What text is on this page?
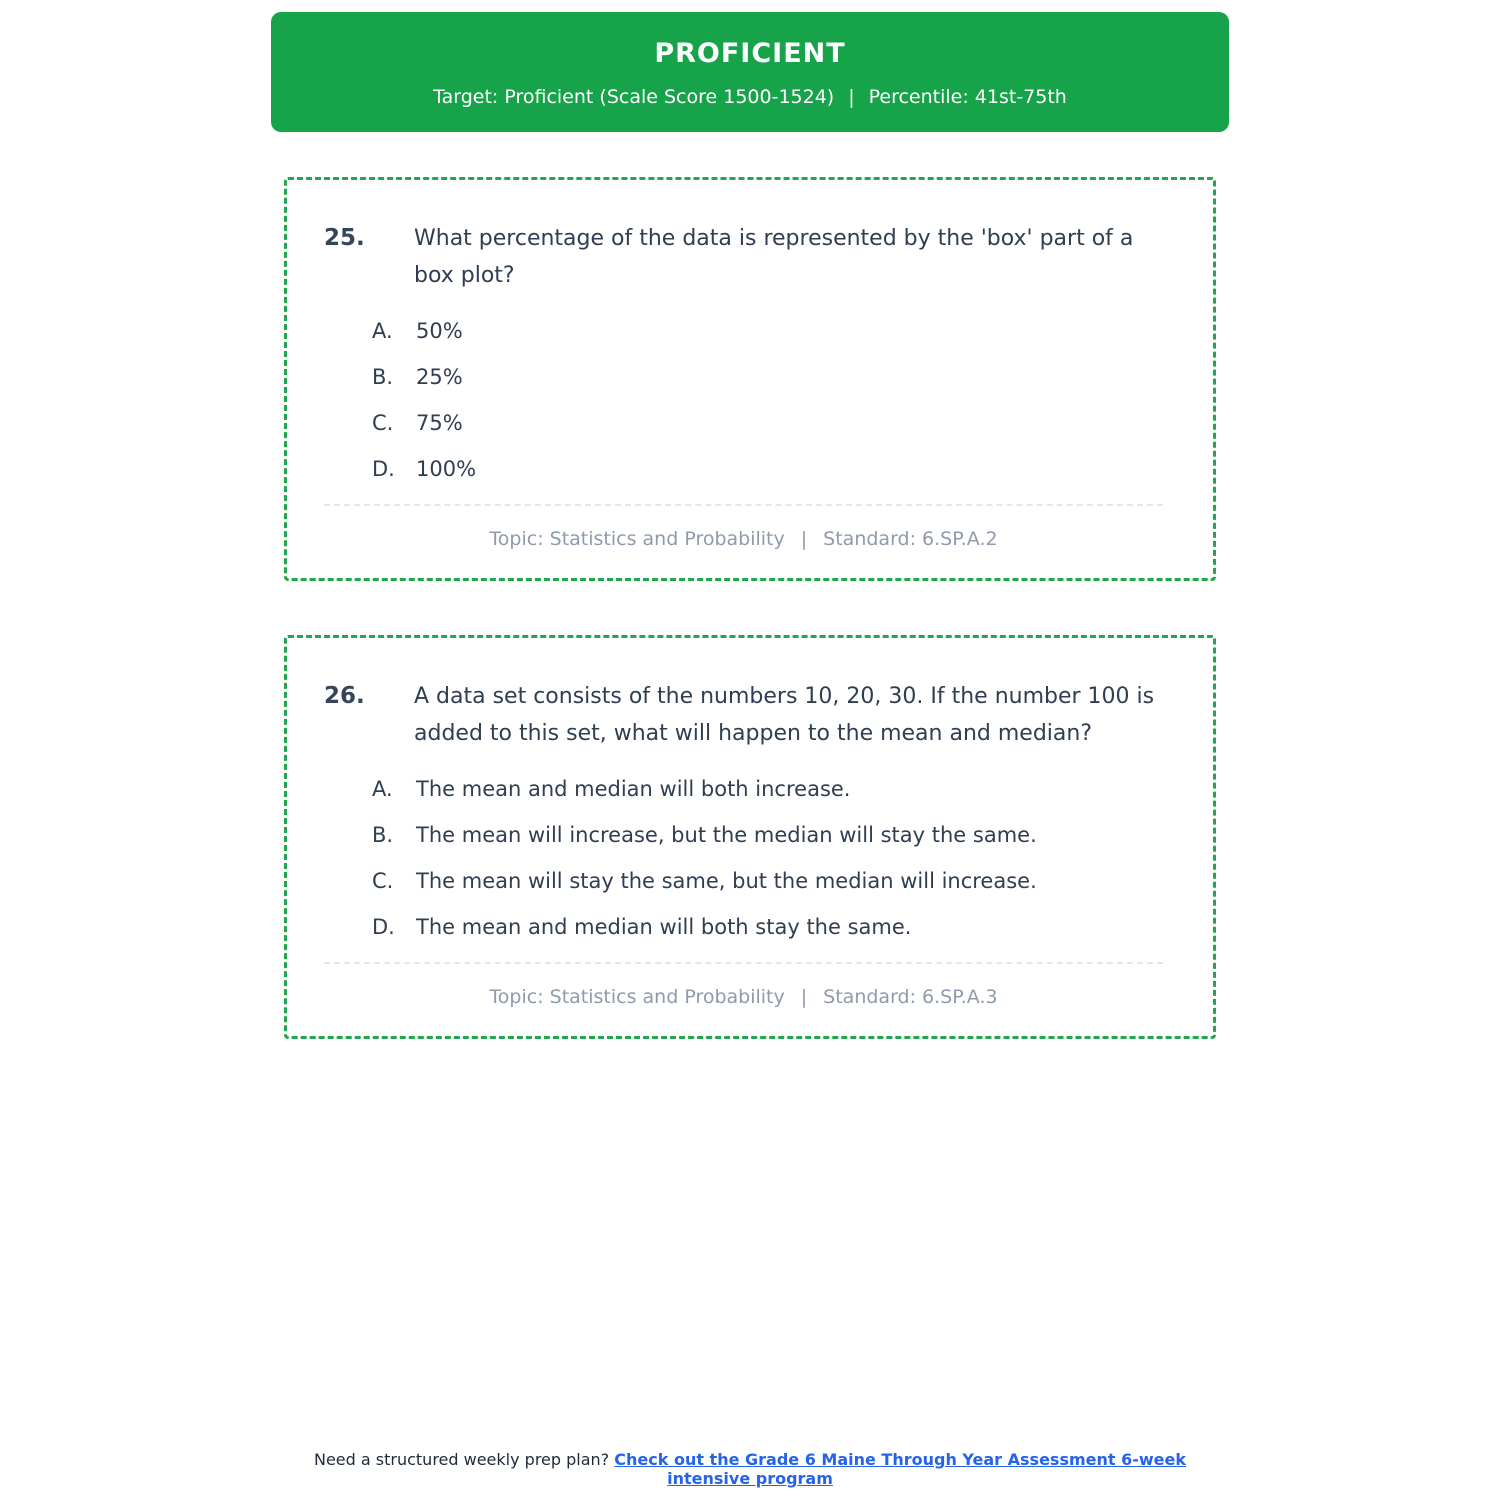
PROFICIENT
Target: Proficient (Scale Score 1500-1524) | Percentile: 41st-75th
25.	What percentage of the data is represented by the 'box' part of a box plot?

A.	50%
B.	25%
C.	75%
D.	100%
Topic: Statistics and Probability | Standard: 6.SP.A.2
26.	A data set consists of the numbers 10, 20, 30. If the number 100 is added to this set, what will happen to the mean and median?

A.	The mean and median will both increase.
B.	The mean will increase, but the median will stay the same.
C.	The mean will stay the same, but the median will increase.
D.	The mean and median will both stay the same.
Topic: Statistics and Probability | Standard: 6.SP.A.3

Need a structured weekly prep plan? Check out the Grade 6 Maine Through Year Assessment 6-week intensive program
